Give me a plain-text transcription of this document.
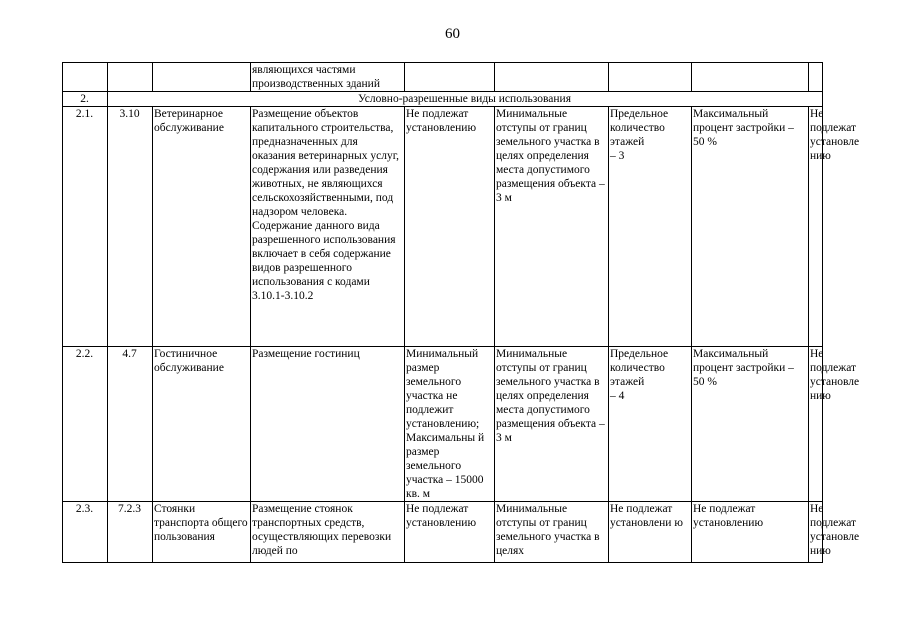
60
			являющихся частями производственных зданий					
2.	Условно-разрешенные виды использования							
2.1.	3.10	Ветеринарное обслуживание	Размещение объектов капитального строительства, предназначенных для оказания ветеринарных услуг, содержания или разведения животных, не являющихся сельскохозяйственными, под надзором человека. Содержание данного вида разрешенного использования включает в себя содержание видов разрешенного использования с кодами 3.10.1-3.10.2	Не подлежат установлению	Минимальные отступы от границ земельного участка в целях определения места допустимого размещения объекта – 3 м	Предельное количество этажей
– 3	Максимальный процент застройки – 50 %	Не подлежат установле нию
2.2.	4.7	Гостиничное обслуживание	Размещение гостиниц	Минимальный размер земельного участка не подлежит установлению; Максимальны й размер земельного участка – 15000 кв. м	Минимальные отступы от границ земельного участка в целях определения места допустимого размещения объекта – 3 м	Предельное количество этажей
– 4	Максимальный процент застройки – 50 %	Не подлежат установле нию
2.3.	7.2.3	Стоянки транспорта общего пользования	Размещение стоянок транспортных средств, осуществляющих перевозки людей по	Не подлежат установлению	Минимальные отступы от границ земельного участка в целях	Не подлежат установлени ю	Не подлежат установлению	Не подлежат установле нию
